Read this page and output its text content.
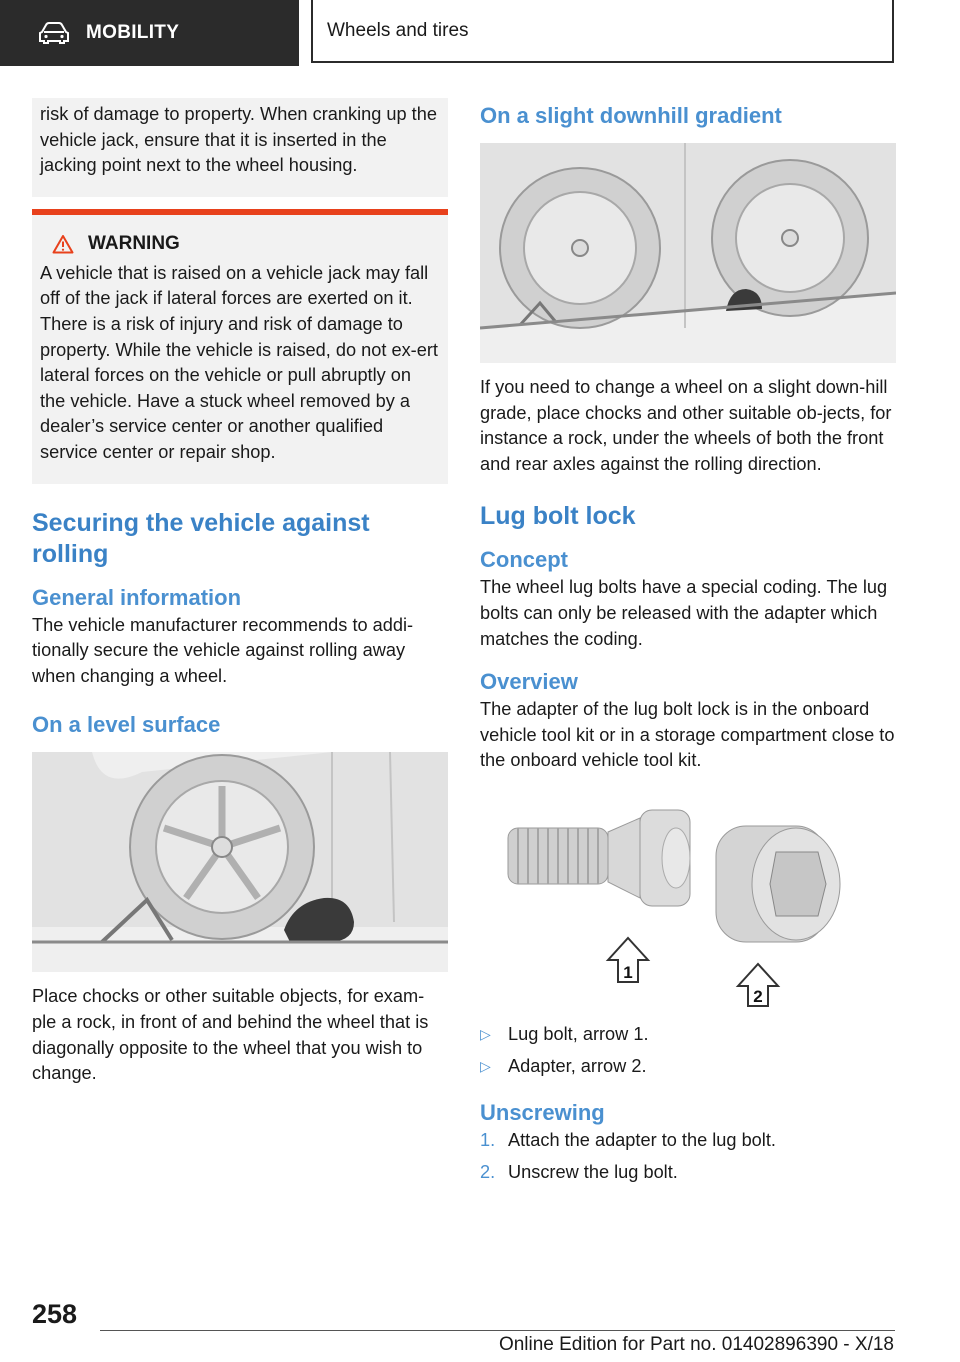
MOBILITY	Wheels and tires
risk of damage to property. When cranking up the vehicle jack, ensure that it is inserted in the jacking point next to the wheel housing.
WARNING
A vehicle that is raised on a vehicle jack may fall off of the jack if lateral forces are exerted on it. There is a risk of injury and risk of damage to property. While the vehicle is raised, do not ex-ert lateral forces on the vehicle or pull abruptly on the vehicle. Have a stuck wheel removed by a dealer’s service center or another qualified service center or repair shop.
Securing the vehicle against rolling
General information
The vehicle manufacturer recommends to addi-tionally secure the vehicle against rolling away when changing a wheel.
On a level surface
Place chocks or other suitable objects, for exam-ple a rock, in front of and behind the wheel that is diagonally opposite to the wheel that you wish to change.
On a slight downhill gradient
If you need to change a wheel on a slight down-hill grade, place chocks and other suitable ob-jects, for instance a rock, under the wheels of both the front and rear axles against the rolling direction.
Lug bolt lock
Concept
The wheel lug bolts have a special coding. The lug bolts can only be released with the adapter which matches the coding.
Overview
The adapter of the lug bolt lock is in the onboard vehicle tool kit or in a storage compartment close to the onboard vehicle tool kit.
1
2
▷ Lug bolt, arrow 1.
▷ Adapter, arrow 2.
Unscrewing
1. Attach the adapter to the lug bolt.
2. Unscrew the lug bolt.
258
Online Edition for Part no. 01402896390 - X/18
